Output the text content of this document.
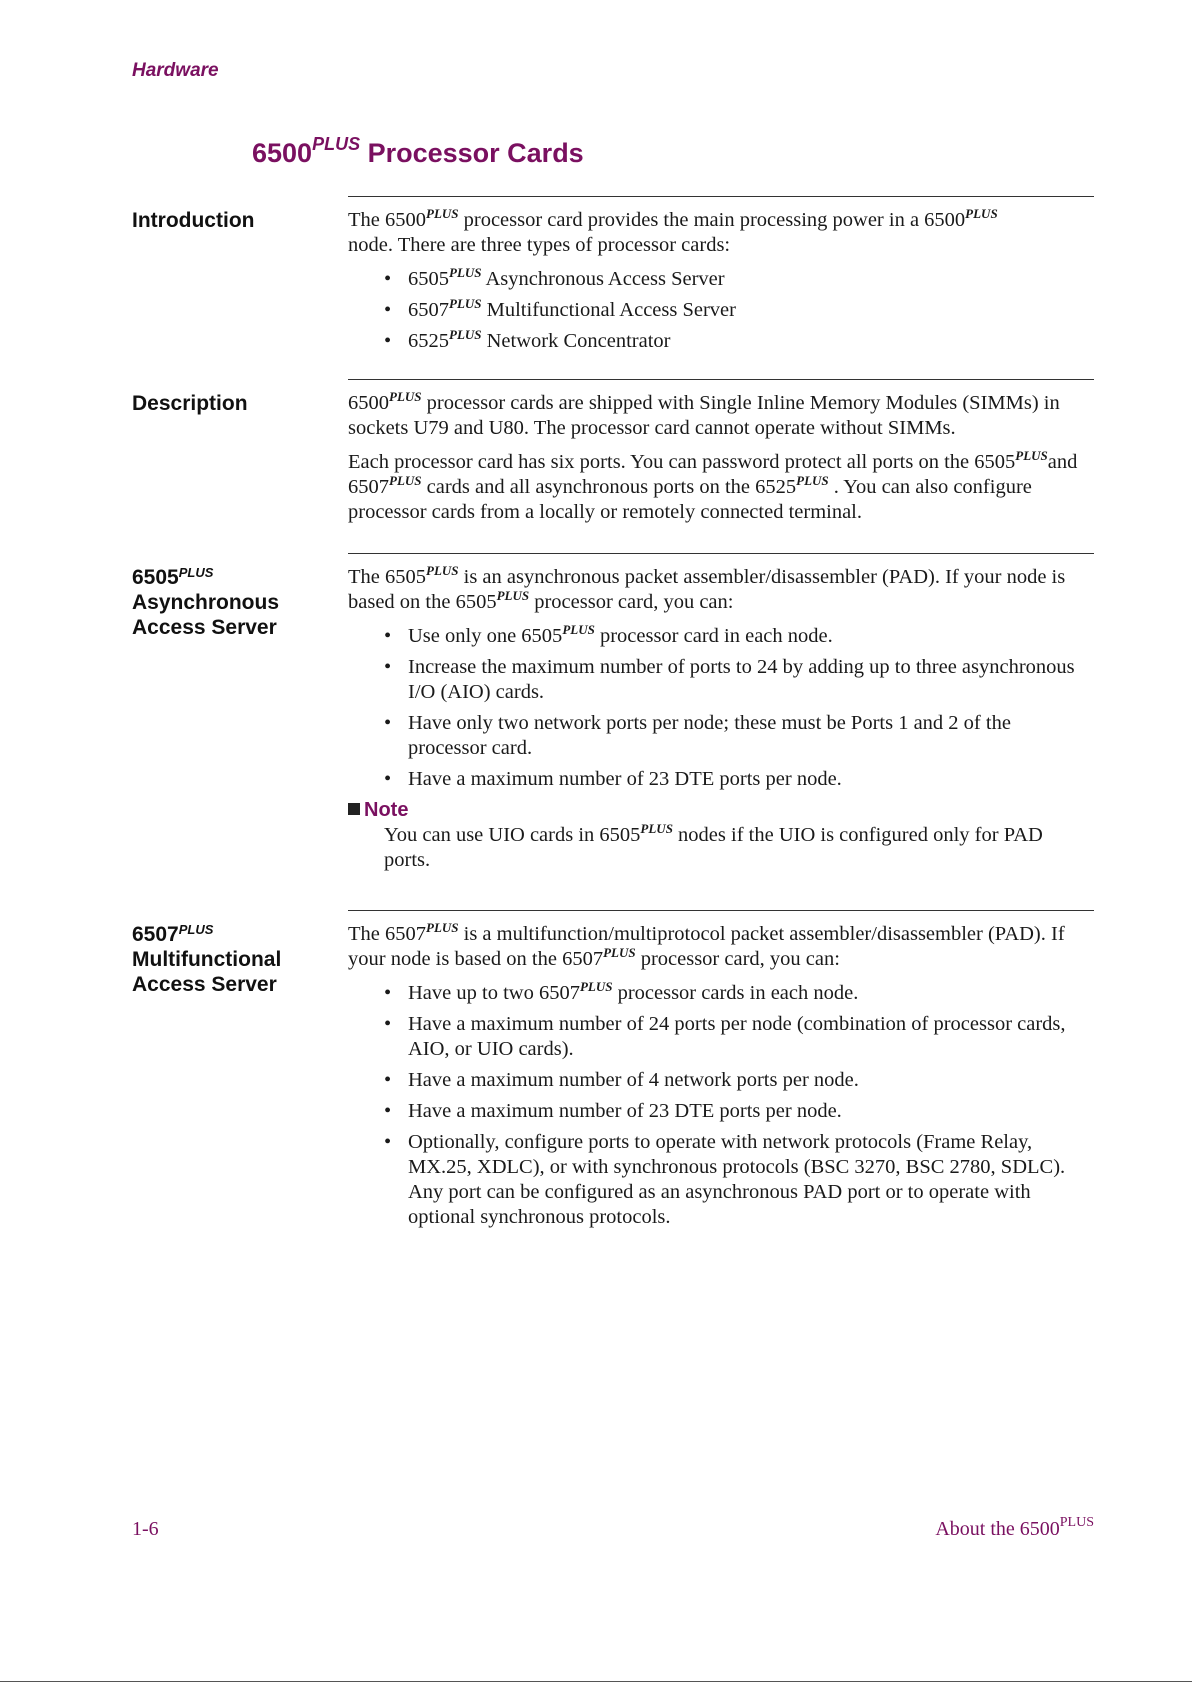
Hardware
$6500^{PLUS}$ Processor Cards
Introduction	The $6500^{PLUS}$ processor card provides the main processing power in a $6500^{PLUS}$
node. There are three types of processor cards:

• $6505^{PLUS}$ Asynchronous Access Server
• $6507^{PLUS}$ Multifunctional Access Server
• $6525^{PLUS}$ Network Concentrator
Description	$6500^{PLUS}$ processor cards are shipped with Single Inline Memory Modules (SIMMs) in sockets U79 and U80. The processor card cannot operate without SIMMs.

Each processor card has six ports. You can password protect all ports on the $6505^{PLUS}and$ $6507^{PLUS}$ cards and all asynchronous ports on the $6525^{PLUS}$ . You can also configure processor cards from a locally or remotely connected terminal.

$6505^{PLUS}$
Asynchronous
Access Server

The $6505^{PLUS}$ is an asynchronous packet assembler/disassembler (PAD). If your node is based on the $6505^{PLUS}$ processor card, you can:

• Use only one $6505^{PLUS}$ processor card in each node.
• Increase the maximum number of ports to 24 by adding up to three asynchronous I/O (AIO) cards.
• Have only two network ports per node; these must be Ports 1 and 2 of the processor card.
• Have a maximum number of 23 DTE ports per node.
Note
You can use UIO cards in $6505^{PLUS}$ nodes if the UIO is configured only for PAD ports.
$6507^{PLUS}$
Multifunctional
Access Server

The $6507^{PLUS}$ is a multifunction/multiprotocol packet assembler/disassembler (PAD). If your node is based on the $6507^{PLUS}$ processor card, you can:

• Have up to two $6507^{PLUS}$ processor cards in each node.
• Have a maximum number of 24 ports per node (combination of processor cards, AIO, or UIO cards).
• Have a maximum number of 4 network ports per node.
• Have a maximum number of 23 DTE ports per node.
• Optionally, configure ports to operate with network protocols (Frame Relay, MX.25, XDLC), or with synchronous protocols (BSC 3270, BSC 2780, SDLC). Any port can be configured as an asynchronous PAD port or to operate with optional synchronous protocols.
1-6	About the $6500^{PLUS}$
